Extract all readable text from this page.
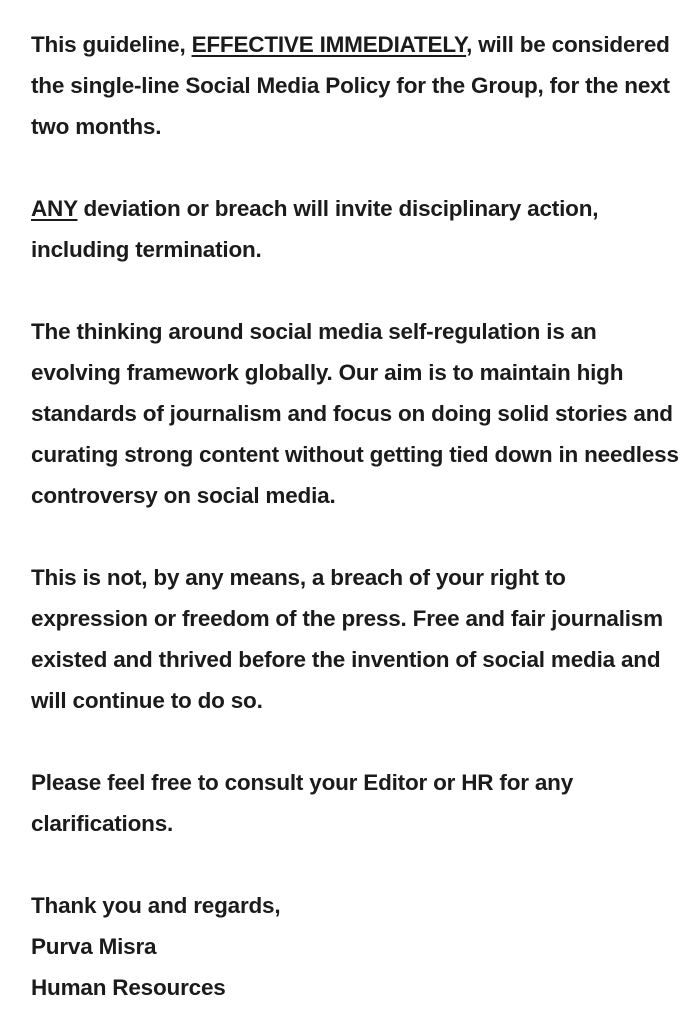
This guideline, EFFECTIVE IMMEDIATELY, will be considered the single-line Social Media Policy for the Group, for the next two months.

ANY deviation or breach will invite disciplinary action, including termination.

The thinking around social media self-regulation is an evolving framework globally. Our aim is to maintain high standards of journalism and focus on doing solid stories and curating strong content without getting tied down in needless controversy on social media.

This is not, by any means, a breach of your right to expression or freedom of the press. Free and fair journalism existed and thrived before the invention of social media and will continue to do so.

Please feel free to consult your Editor or HR for any clarifications.

Thank you and regards,
Purva Misra
Human Resources
